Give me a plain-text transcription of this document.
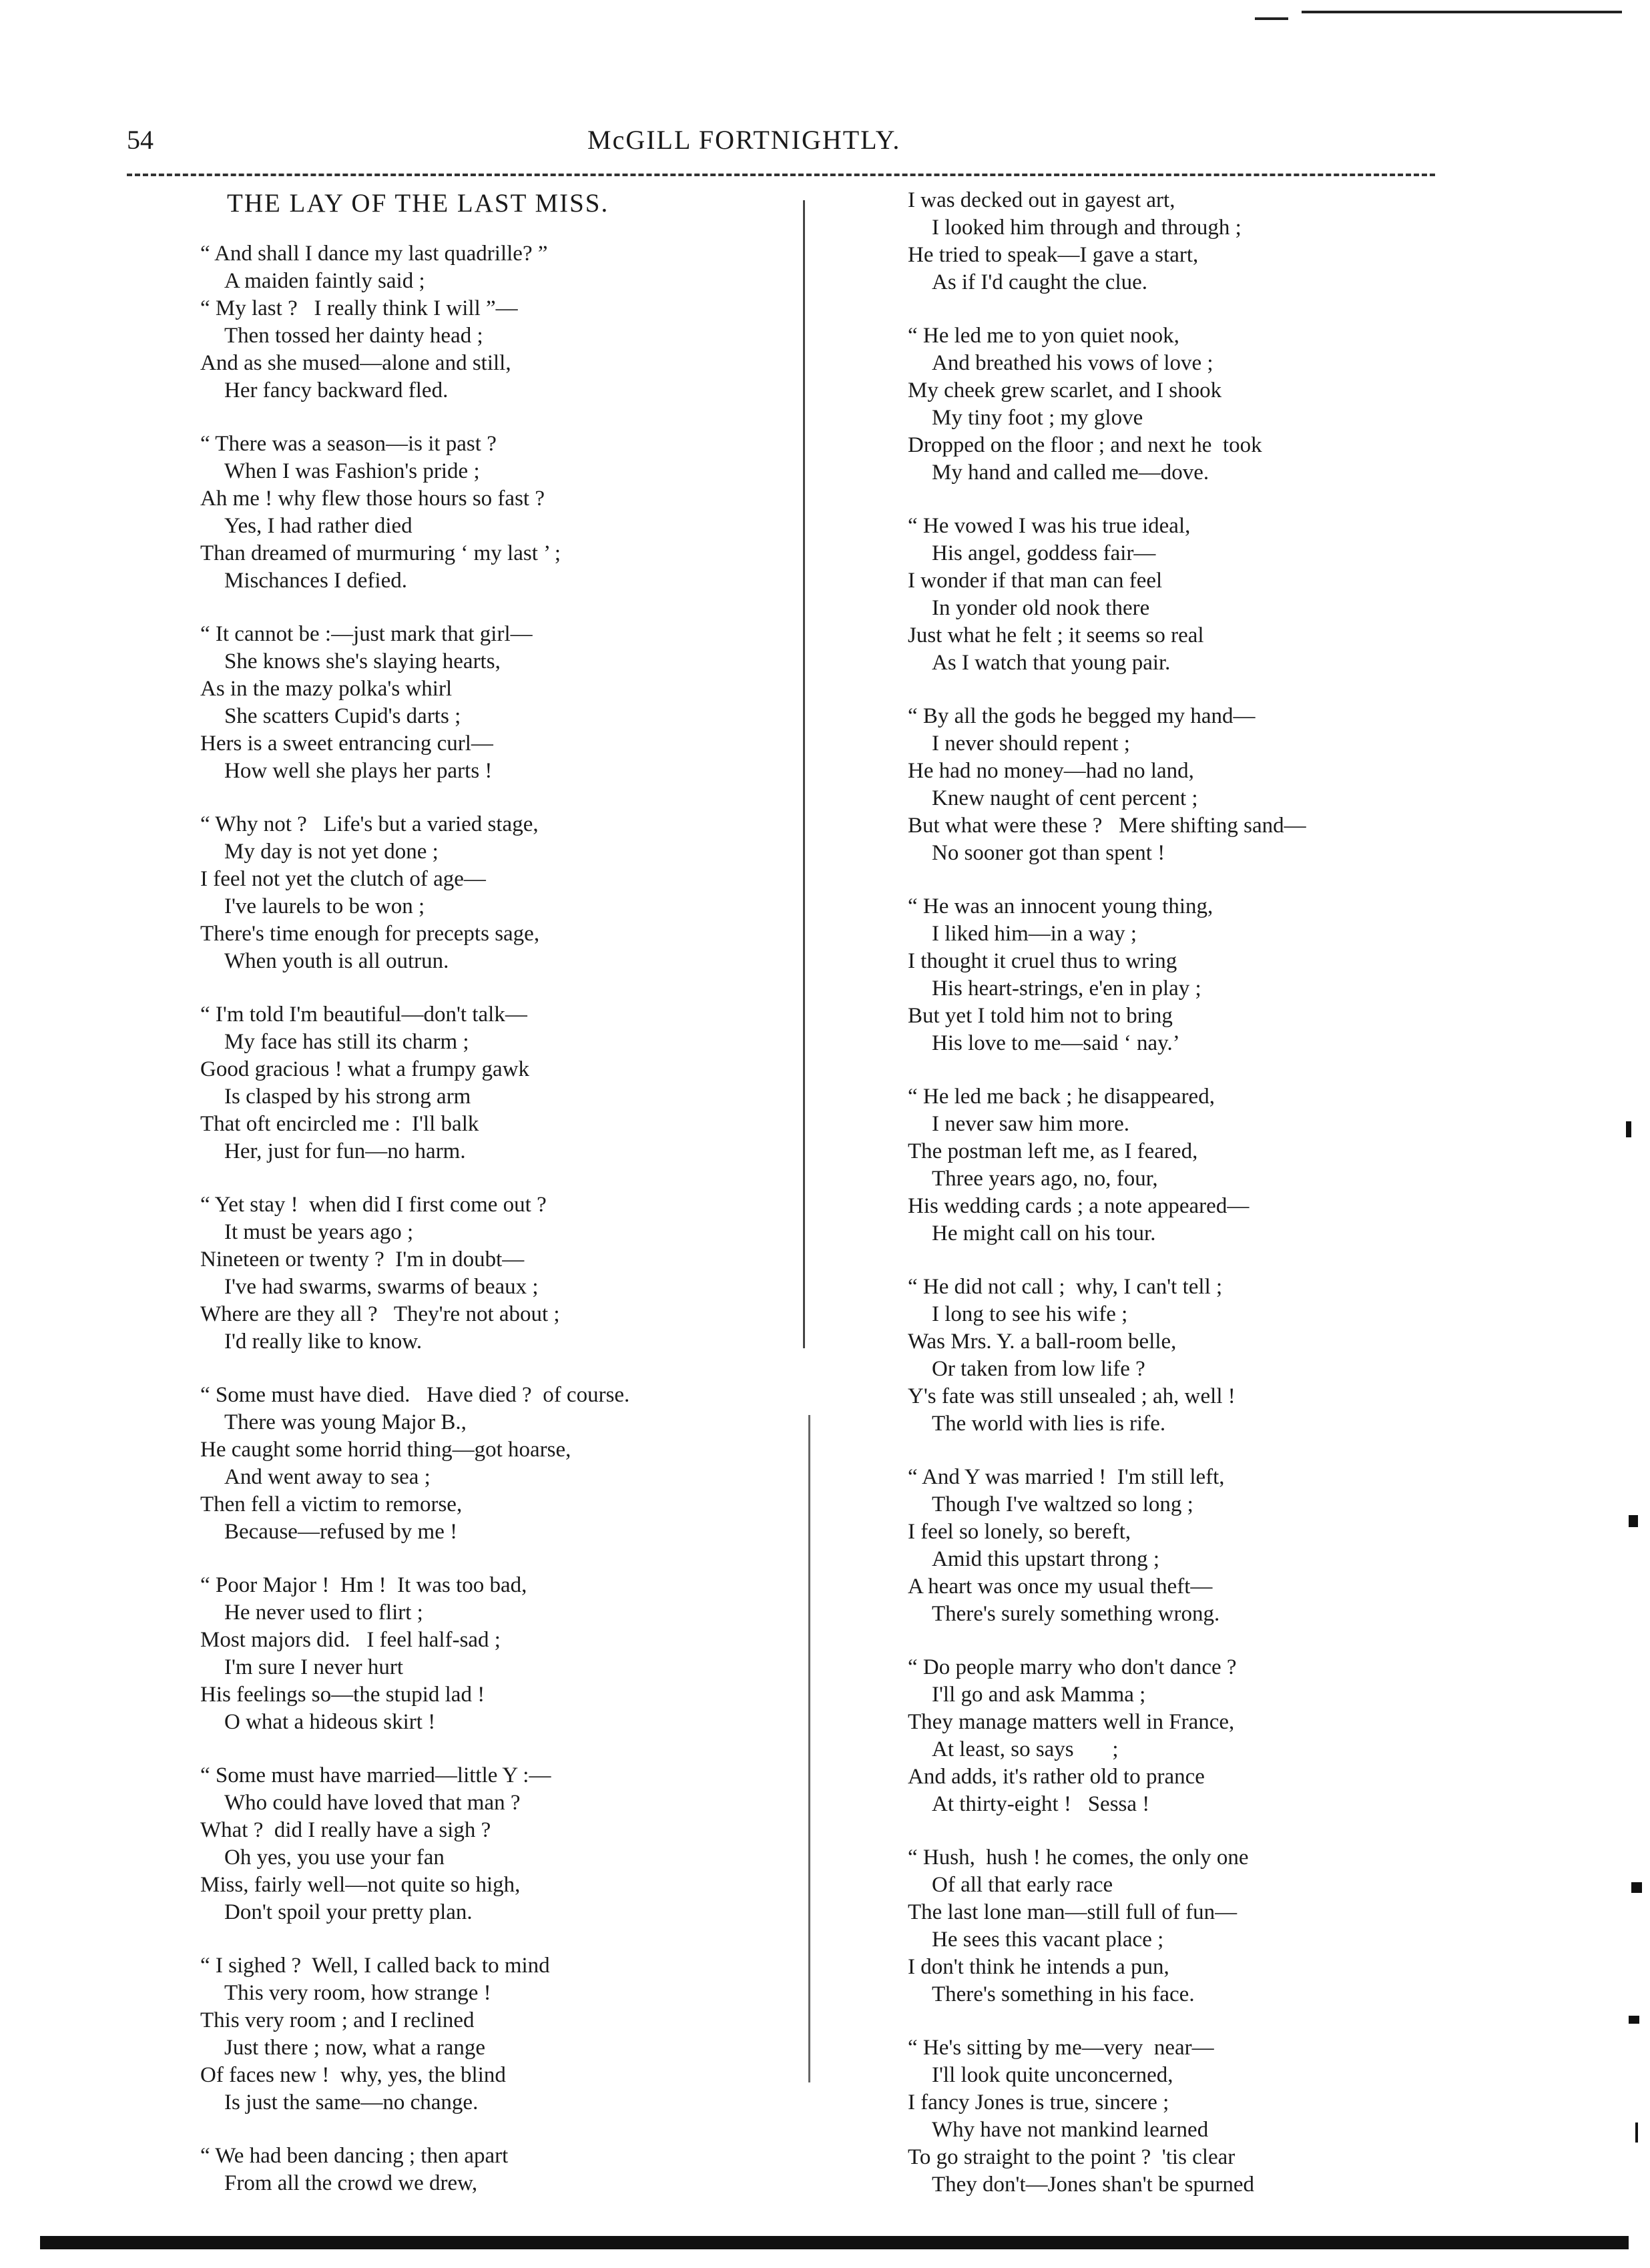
54	McGILL FORTNIGHTLY.
THE LAY OF THE LAST MISS.
“ And shall I dance my last quadrille? ”
A maiden faintly said ;
“ My last ?   I really think I will ”—
Then tossed her dainty head ;
And as she mused—alone and still,
Her fancy backward fled.
“ There was a season—is it past ?
When I was Fashion's pride ;
Ah me ! why flew those hours so fast ?
Yes, I had rather died
Than dreamed of murmuring ‘ my last ’ ;
Mischances I defied.
“ It cannot be :—just mark that girl—
She knows she's slaying hearts,
As in the mazy polka's whirl
She scatters Cupid's darts ;
Hers is a sweet entrancing curl—
How well she plays her parts !
“ Why not ?   Life's but a varied stage,
My day is not yet done ;
I feel not yet the clutch of age—
I've laurels to be won ;
There's time enough for precepts sage,
When youth is all outrun.
“ I'm told I'm beautiful—don't talk—
My face has still its charm ;
Good gracious ! what a frumpy gawk
Is clasped by his strong arm
That oft encircled me :  I'll balk
Her, just for fun—no harm.
“ Yet stay !  when did I first come out ?
It must be years ago ;
Nineteen or twenty ?  I'm in doubt—
I've had swarms, swarms of beaux ;
Where are they all ?   They're not about ;
I'd really like to know.
“ Some must have died.   Have died ?  of course.
There was young Major B.,
He caught some horrid thing—got hoarse,
And went away to sea ;
Then fell a victim to remorse,
Because—refused by me !
“ Poor Major !  Hm !  It was too bad,
He never used to flirt ;
Most majors did.   I feel half-sad ;
I'm sure I never hurt
His feelings so—the stupid lad !
O what a hideous skirt !
“ Some must have married—little Y :—
Who could have loved that man ?
What ?  did I really have a sigh ?
Oh yes, you use your fan
Miss, fairly well—not quite so high,
Don't spoil your pretty plan.
“ I sighed ?  Well, I called back to mind
This very room, how strange !
This very room ; and I reclined
Just there ; now, what a range
Of faces new !  why, yes, the blind
Is just the same—no change.
“ We had been dancing ; then apart
From all the crowd we drew,
I was decked out in gayest art,
I looked him through and through ;
He tried to speak—I gave a start,
As if I'd caught the clue.
“ He led me to yon quiet nook,
And breathed his vows of love ;
My cheek grew scarlet, and I shook
My tiny foot ; my glove
Dropped on the floor ; and next he  took
My hand and called me—dove.
“ He vowed I was his true ideal,
His angel, goddess fair—
I wonder if that man can feel
In yonder old nook there
Just what he felt ; it seems so real
As I watch that young pair.
“ By all the gods he begged my hand—
I never should repent ;
He had no money—had no land,
Knew naught of cent percent ;
But what were these ?   Mere shifting sand—
No sooner got than spent !
“ He was an innocent young thing,
I liked him—in a way ;
I thought it cruel thus to wring
His heart-strings, e'en in play ;
But yet I told him not to bring
His love to me—said ‘ nay.’
“ He led me back ; he disappeared,
I never saw him more.
The postman left me, as I feared,
Three years ago, no, four,
His wedding cards ; a note appeared—
He might call on his tour.
“ He did not call ;  why, I can't tell ;
I long to see his wife ;
Was Mrs. Y. a ball-room belle,
Or taken from low life ?
Y's fate was still unsealed ; ah, well !
The world with lies is rife.
“ And Y was married !  I'm still left,
Though I've waltzed so long ;
I feel so lonely, so bereft,
Amid this upstart throng ;
A heart was once my usual theft—
There's surely something wrong.
“ Do people marry who don't dance ?
I'll go and ask Mamma ;
They manage matters well in France,
At least, so says       ;
And adds, it's rather old to prance
At thirty-eight !   Sessa !
“ Hush,  hush ! he comes, the only one
Of all that early race
The last lone man—still full of fun—
He sees this vacant place ;
I don't think he intends a pun,
There's something in his face.
“ He's sitting by me—very  near—
I'll look quite unconcerned,
I fancy Jones is true, sincere ;
Why have not mankind learned
To go straight to the point ?  'tis clear
They don't—Jones shan't be spurned
